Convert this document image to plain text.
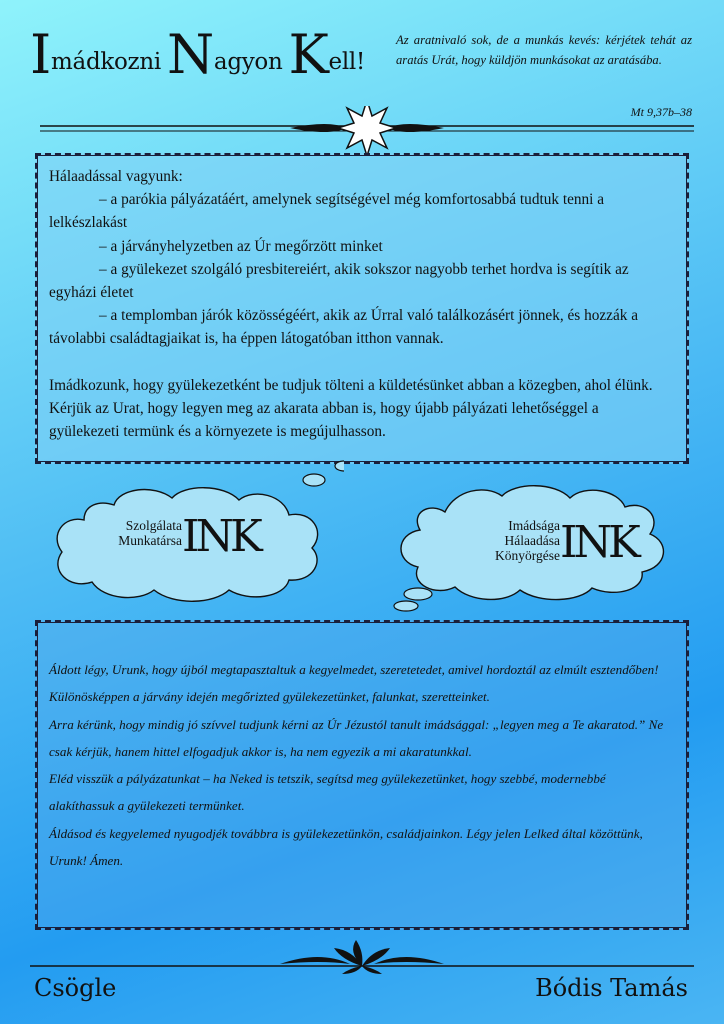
Imádkozni Nagyon Kell!
Az aratnivaló sok, de a munkás kevés: kérjétek tehát az aratás Urát, hogy küldjön munkásokat az aratásába.
Mt 9,37b–38

Hálaadással vagyunk:

– a parókia pályázatáért, amelynek segítségével még komfortosabbá tudtuk tenni a lelkészlakást

– a járványhelyzetben az Úr megőrzött minket

– a gyülekezet szolgáló presbitereiért, akik sokszor nagyobb terhet hordva is segítik az egyházi életet

– a templomban járók közösségéért, akik az Úrral való találkozásért jönnek, és hozzák a távolabbi családtagjaikat is, ha éppen látogatóban itthon vannak.

Imádkozunk, hogy gyülekezetként be tudjuk tölteni a küldetésünket abban a közegben, ahol élünk. Kérjük az Urat, hogy legyen meg az akarata abban is, hogy újabb pályázati lehetőséggel a gyülekezeti termünk és a környezete is megújulhasson.

Szolgálata
Munkatársa INK	Imádsága
Hálaadása
Könyörgése INK

Áldott légy, Urunk, hogy újból megtapasztaltuk a kegyelmedet, szeretetedet, amivel hordoztál az elmúlt esztendőben! Különösképpen a járvány idején megőrizted gyülekezetünket, falunkat, szeretteinket.

Arra kérünk, hogy mindig jó szívvel tudjunk kérni az Úr Jézustól tanult imádsággal: „legyen meg a Te akaratod.” Ne csak kérjük, hanem hittel elfogadjuk akkor is, ha nem egyezik a mi akaratunkkal.

Eléd visszük a pályázatunkat – ha Neked is tetszik, segítsd meg gyülekezetünket, hogy szebbé, modernebbé alakíthassuk a gyülekezeti termünket.

Áldásod és kegyelemed nyugodjék továbbra is gyülekezetünkön, családjainkon. Légy jelen Lelked által közöttünk, Urunk! Ámen.

Csögle	Bódis Tamás
